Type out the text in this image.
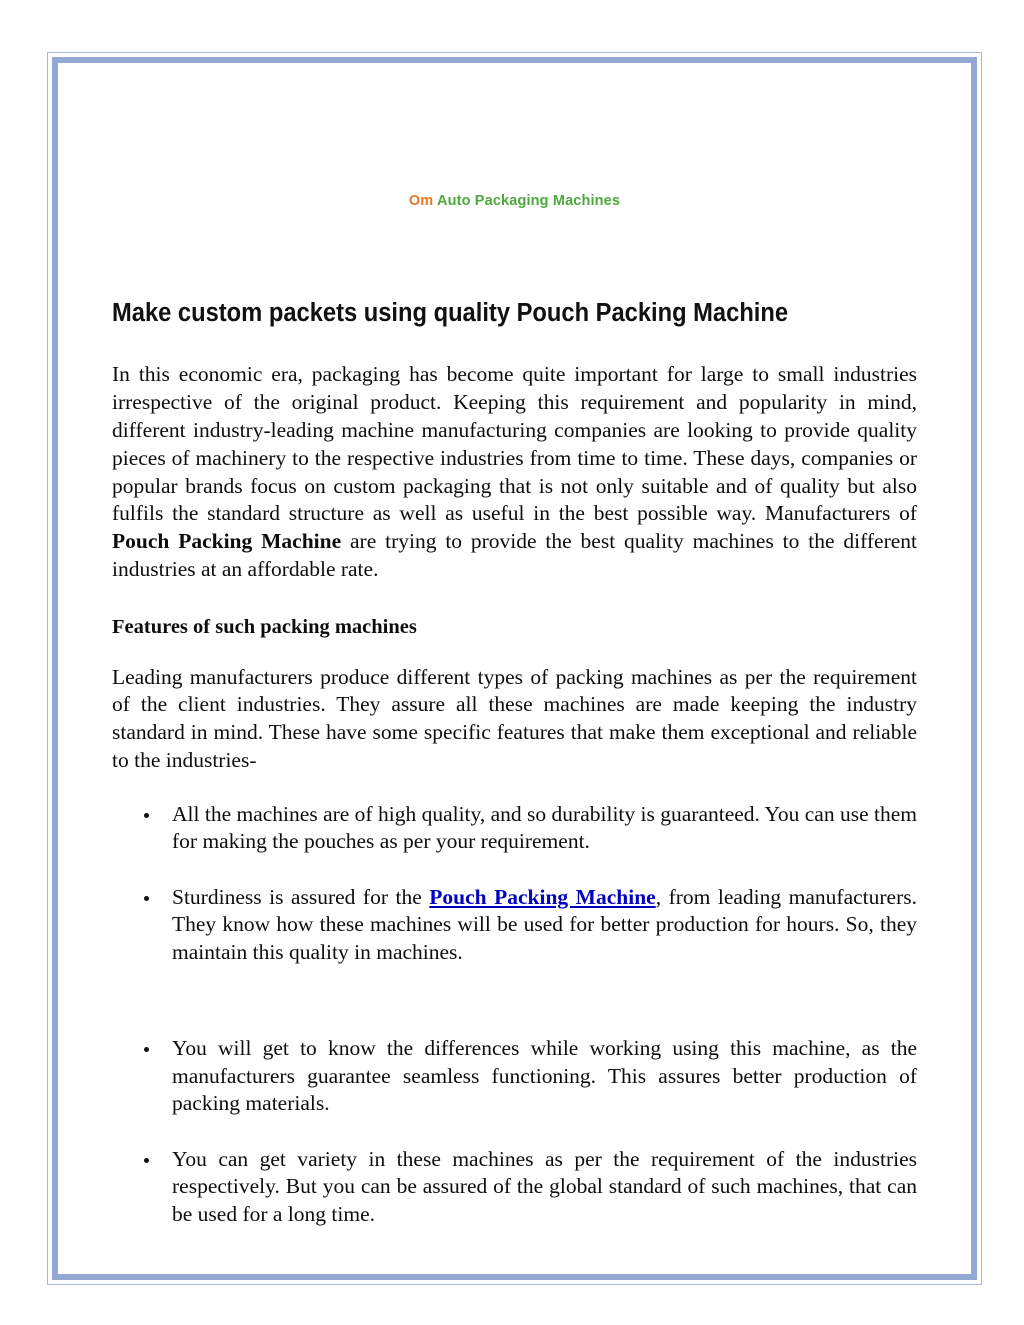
Om Auto Packaging Machines
Make custom packets using quality Pouch Packing Machine

In this economic era, packaging has become quite important for large to small industries irrespective of the original product. Keeping this requirement and popularity in mind, different industry-leading machine manufacturing companies are looking to provide quality pieces of machinery to the respective industries from time to time. These days, companies or popular brands focus on custom packaging that is not only suitable and of quality but also fulfils the standard structure as well as useful in the best possible way. Manufacturers of Pouch Packing Machine are trying to provide the best quality machines to the different industries at an affordable rate.

Features of such packing machines

Leading manufacturers produce different types of packing machines as per the requirement of the client industries. They assure all these machines are made keeping the industry standard in mind. These have some specific features that make them exceptional and reliable to the industries-

All the machines are of high quality, and so durability is guaranteed. You can use them for making the pouches as per your requirement.
Sturdiness is assured for the Pouch Packing Machine, from leading manufacturers. They know how these machines will be used for better production for hours. So, they maintain this quality in machines.
You will get to know the differences while working using this machine, as the manufacturers guarantee seamless functioning. This assures better production of packing materials.
You can get variety in these machines as per the requirement of the industries respectively. But you can be assured of the global standard of such machines, that can be used for a long time.
